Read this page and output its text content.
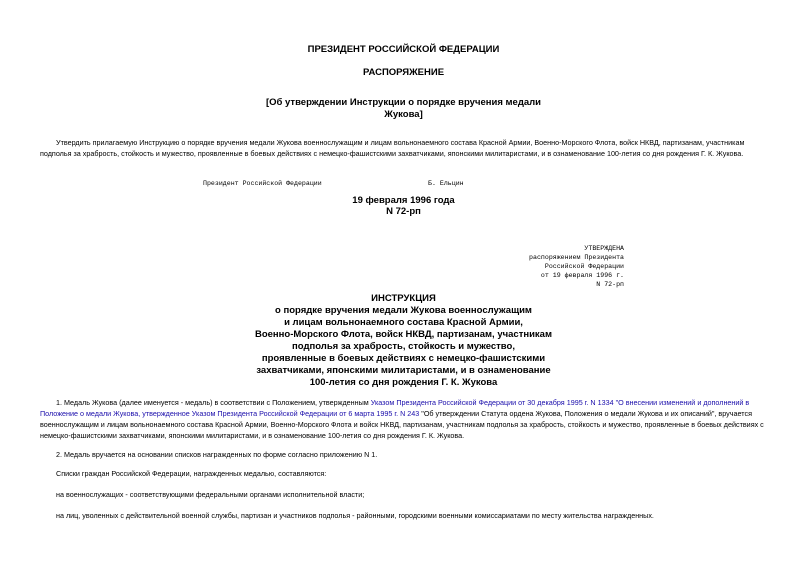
ПРЕЗИДЕНТ РОССИЙСКОЙ ФЕДЕРАЦИИ
РАСПОРЯЖЕНИЕ
[Об утверждении Инструкции о порядке вручения медали
Жукова]
Утвердить прилагаемую Инструкцию о порядке вручения медали Жукова военнослужащим и лицам вольнонаемного состава Красной Армии, Военно-Морского Флота, войск НКВД, партизанам, участникам
подполья за храбрость, стойкость и мужество, проявленные в боевых действиях с немецко-фашистскими захватчиками, японскими милитаристами, и в ознаменование 100-летия со дня рождения Г. К. Жукова.
Президент Российской Федерации	Б. Ельцин
19 февраля 1996 года
N 72-рп
УТВЕРЖДЕНА
распоряжением Президента
Российской Федерации
от 19 февраля 1996 г.
N 72-рп
ИНСТРУКЦИЯ
о порядке вручения медали Жукова военнослужащим
и лицам вольнонаемного состава Красной Армии,
Военно-Морского Флота, войск НКВД, партизанам, участникам
подполья за храбрость, стойкость и мужество,
проявленные в боевых действиях с немецко-фашистскими
захватчиками, японскими милитаристами, и в ознаменование
100-летия со дня рождения Г. К. Жукова
1. Медаль Жукова (далее именуется - медаль) в соответствии с Положением, утвержденным Указом Президента Российской Федерации от 30 декабря 1995 г. N 1334 "О внесении изменений и дополнений в
Положение о медали Жукова, утвержденное Указом Президента Российской Федерации от 6 марта 1995 г. N 243 "Об утверждении Статута ордена Жукова, Положения о медали Жукова и их описаний", вручается
военнослужащим и лицам вольнонаемного состава Красной Армии, Военно-Морского Флота и войск НКВД, партизанам, участникам подполья за храбрость, стойкость и мужество, проявленные в боевых действиях с
немецко-фашистскими захватчиками, японскими милитаристами, и в ознаменование 100-летия со дня рождения Г. К. Жукова.
2. Медаль вручается на основании списков награжденных по форме согласно приложению N 1.
Списки граждан Российской Федерации, награжденных медалью, составляются:
на военнослужащих - соответствующими федеральными органами исполнительной власти;
на лиц, уволенных с действительной военной службы, партизан и участников подполья - районными, городскими военными комиссариатами по месту жительства награжденных.
